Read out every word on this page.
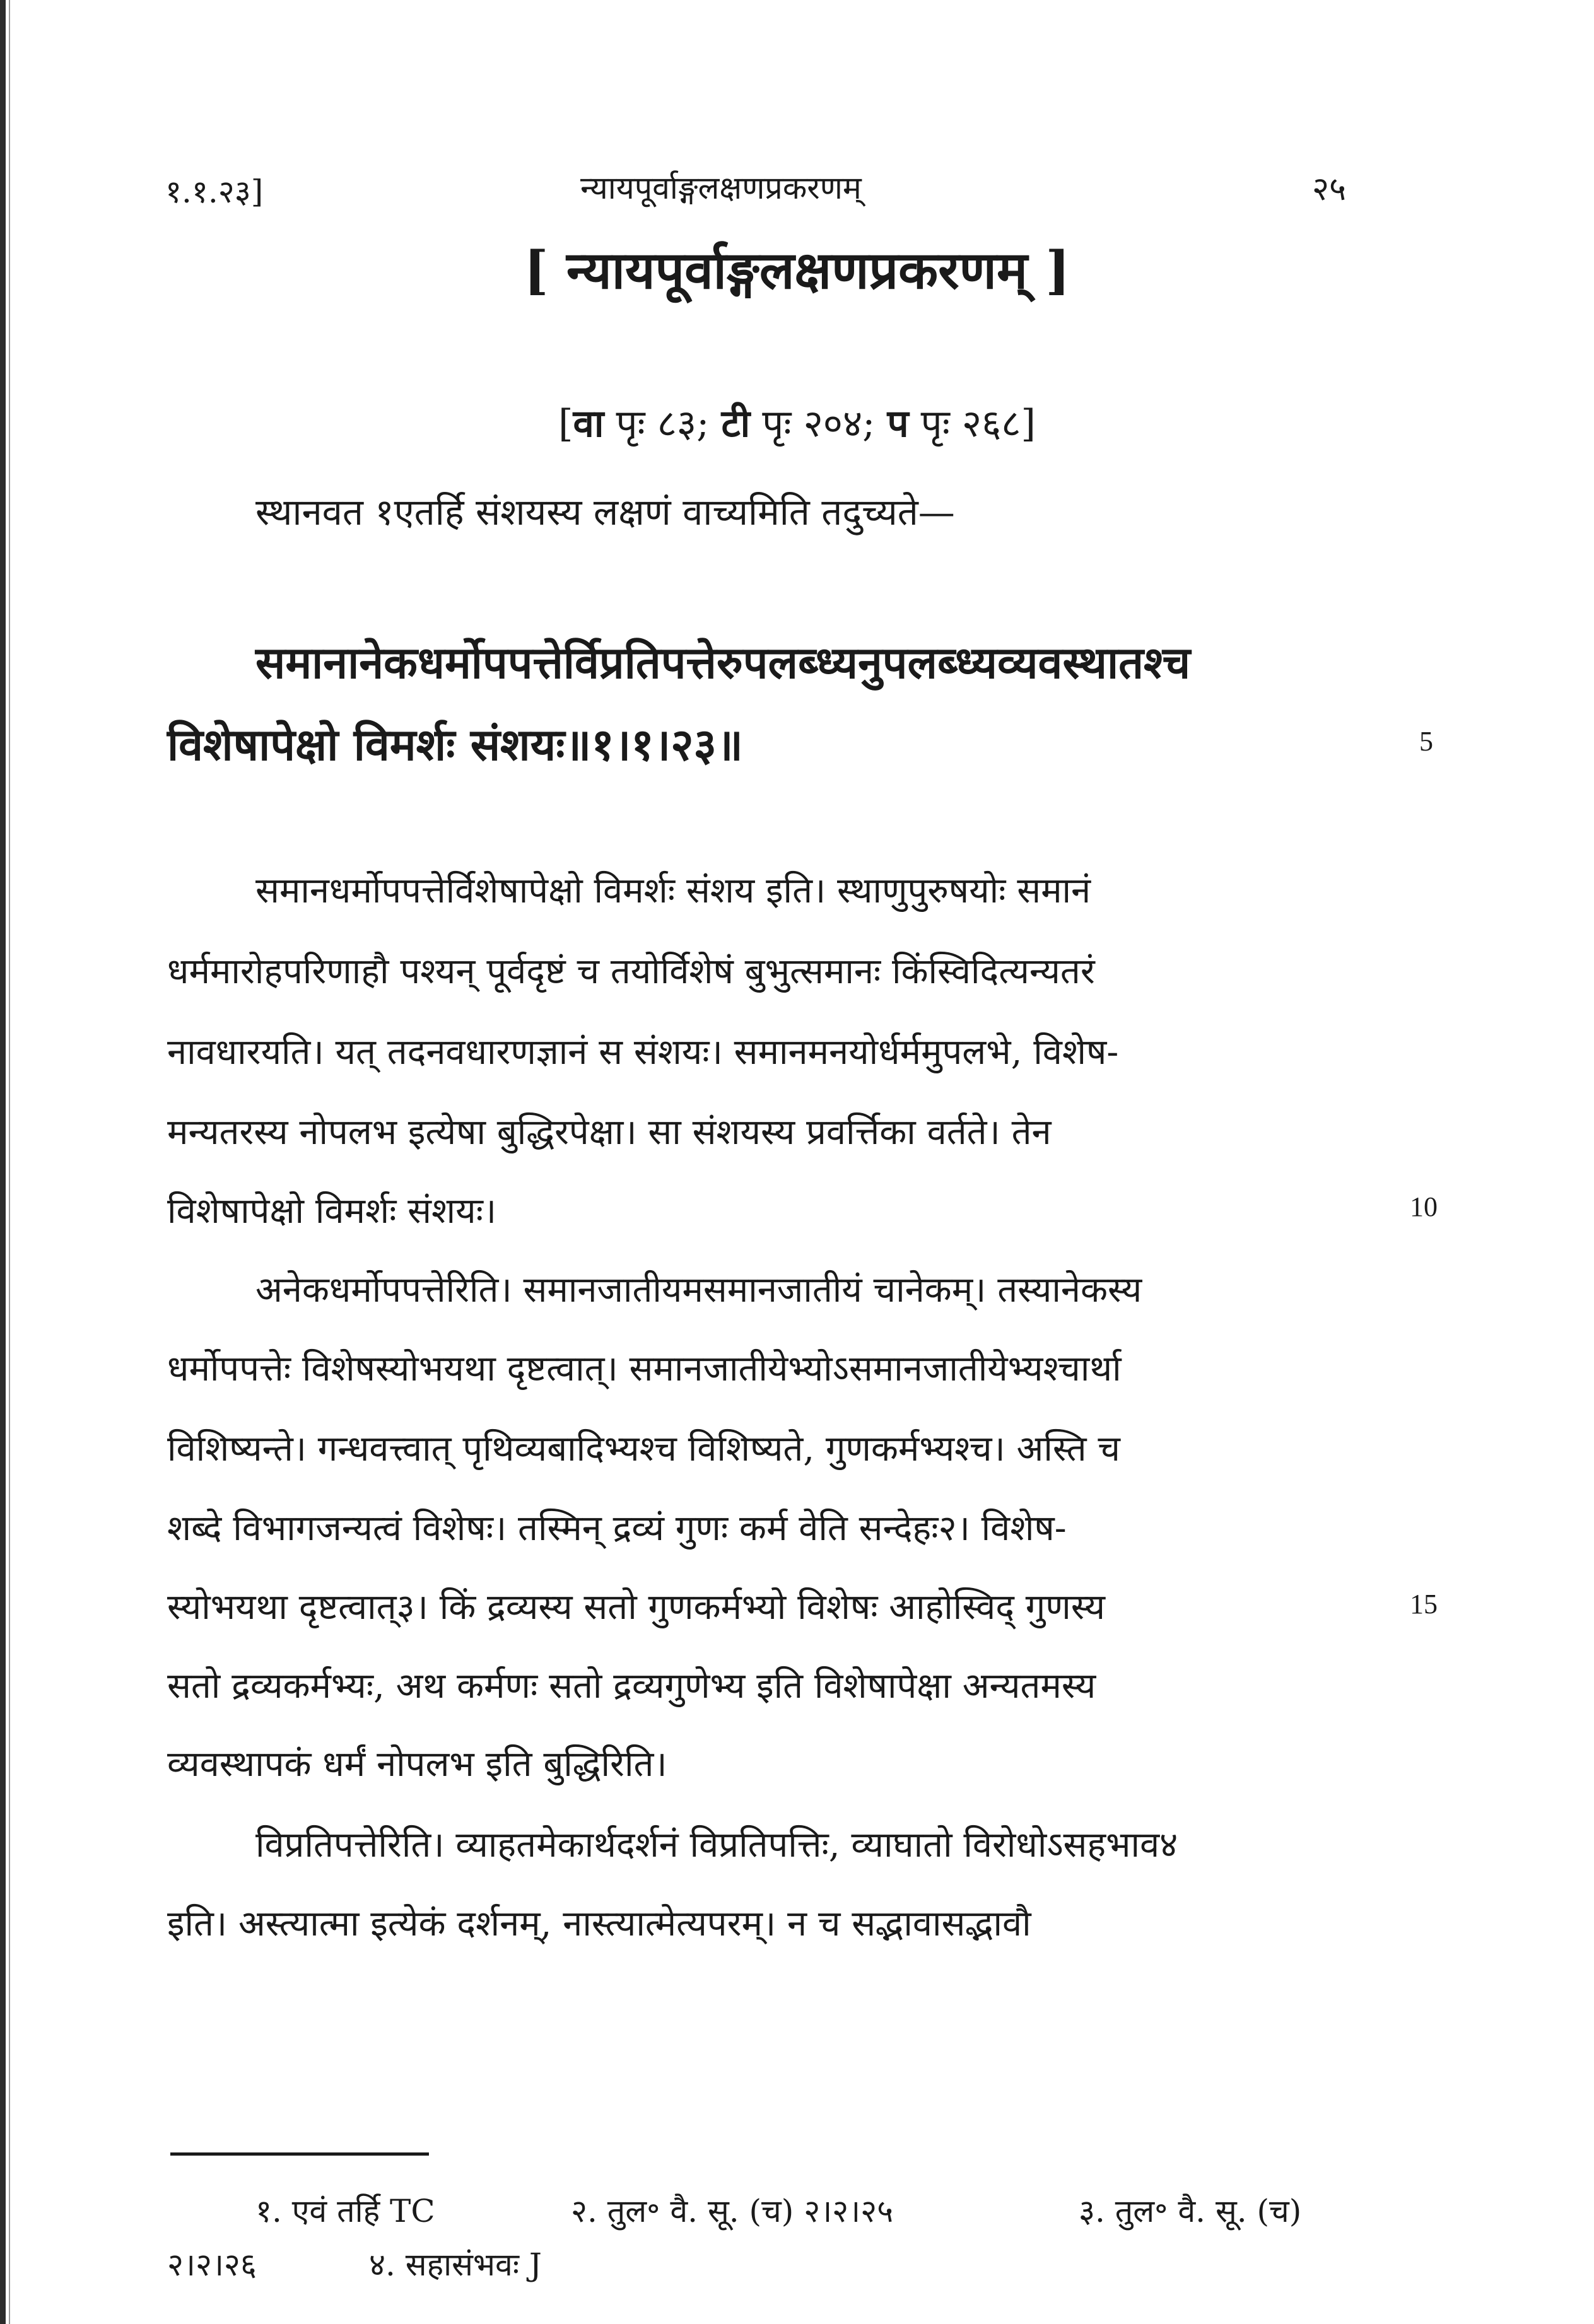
१.१.२३]	न्यायपूर्वाङ्गलक्षणप्रकरणम्	२५
[ न्यायपूर्वाङ्गलक्षणप्रकरणम् ]
[वा पृः ८३; टी पृः २०४; प पृः २६८]
स्थानवत १एतर्हि संशयस्य लक्षणं वाच्यमिति तदुच्यते—
समानानेकधर्मोपपत्तेर्विप्रतिपत्तेरुपलब्ध्यनुपलब्ध्यव्यवस्थातश्च
विशेषापेक्षो विमर्शः संशयः॥१।१।२३॥	5
समानधर्मोपपत्तेर्विशेषापेक्षो विमर्शः संशय इति। स्थाणुपुरुषयोः समानं
धर्ममारोहपरिणाहौ पश्यन् पूर्वदृष्टं च तयोर्विशेषं बुभुत्समानः किंस्विदित्यन्यतरं
नावधारयति। यत् तदनवधारणज्ञानं स संशयः। समानमनयोर्धर्ममुपलभे, विशेष-
मन्यतरस्य नोपलभ इत्येषा बुद्धिरपेक्षा। सा संशयस्य प्रवर्त्तिका वर्तते। तेन
विशेषापेक्षो विमर्शः संशयः।	10
अनेकधर्मोपपत्तेरिति। समानजातीयमसमानजातीयं चानेकम्। तस्यानेकस्य
धर्मोपपत्तेः विशेषस्योभयथा दृष्टत्वात्। समानजातीयेभ्योऽसमानजातीयेभ्यश्चार्था
विशिष्यन्ते। गन्धवत्त्वात् पृथिव्यबादिभ्यश्च विशिष्यते, गुणकर्मभ्यश्च। अस्ति च
शब्दे विभागजन्यत्वं विशेषः। तस्मिन् द्रव्यं गुणः कर्म वेति सन्देहः२। विशेष-
स्योभयथा दृष्टत्वात्३। किं द्रव्यस्य सतो गुणकर्मभ्यो विशेषः आहोस्विद् गुणस्य	15
सतो द्रव्यकर्मभ्यः, अथ कर्मणः सतो द्रव्यगुणेभ्य इति विशेषापेक्षा अन्यतमस्य
व्यवस्थापकं धर्मं नोपलभ इति बुद्धिरिति।
विप्रतिपत्तेरिति। व्याहतमेकार्थदर्शनं विप्रतिपत्तिः, व्याघातो विरोधोऽसहभाव४
इति। अस्त्यात्मा इत्येकं दर्शनम्, नास्त्यात्मेत्यपरम्। न च सद्भावासद्भावौ
१. एवं तर्हि TC	२. तुल॰ वै. सू. (च) २।२।२५	३. तुल॰ वै. सू. (च)
२।२।२६	४. सहासंभवः J
